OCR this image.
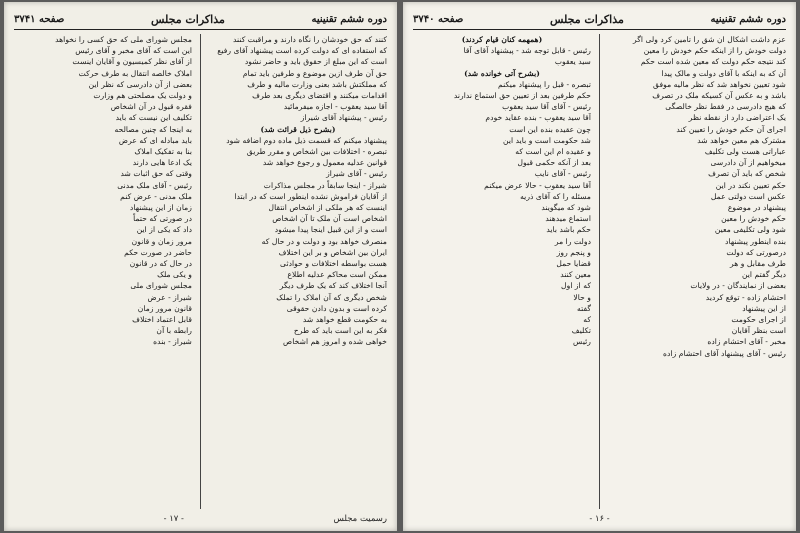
دوره ششم تقنینیه
مذاکرات مجلس
صفحه ۳۷۴۱
کنند که حق خودشان را نگاه دارند و مراقبت کنند
که استفاده ای که دولت کرده است پیشنهاد آقای رفیع
است که این مبلغ از حقوق باید و حاضر نشود
حق آن طرف ازین موضوع و طرفین باید تمام
که مملکتش باشد بعنی وزارت مالیه و طرف
اقدامات میکنند و اقتضای دیگری بعد طرف
آقا سید یعقوب - اجازه میفرمائید
رئیس - پیشنهاد آقای شیراز
(بشرح ذیل قرائت شد)
پیشنهاد میکنم که قسمت ذیل ماده دوم اضافه شود
تبصره - اختلافات بین اشخاص و مقرر طریق
قوانین عدلیه معمول و رجوع خواهد شد
رئیس - آقای شیراز
شیراز - اینجا سابقاً در مجلس مذاکرات
از آقایان فراموش نشده اینطور است که در ابتدا
اینست که هر ملکی از اشخاص انتقال
اشخاص است آن ملک تا آن اشخاص
است و از این قبیل اینجا پیدا میشود
منصرف خواهد بود و دولت و در حال که
ایران بین اشخاص و بر این اختلاف
هست بواسطه اختلافات و حوادثی
ممکن است محاکم عدلیه اطلاع
آنجا اختلاف کند که یک طرف دیگر
شخص دیگری که آن املاک را تملک
کرده است و بدون دادن حقوقی
به حکومت قطع خواهد شد
فکر به این است باید که طرح
خواهی شده و امروز هم اشخاص
مجلس شورای ملی که حق کسی را نخواهد
این است که آقای مخبر و آقای رئیس
از آقای نظر کمیسیون و آقایان اینست
املاک خالصه انتقال به طرف حرکت
بعضی از آن دادرسی که نظر این
و دولت یک مصلحتی هم وزارت
فقره قبول در آن اشخاص
تکلیف این نیست که باید
به اینجا که چنین مصالحه
باید مبادله ای که عرض
بنا به تفکیک املاک
یک ادعا هایی دارند
وقتی که حق اثبات شد
رئیس - آقای ملک مدنی
ملک مدنی - عرض کنم
زمان از این پیشنهاد
در صورتی که حتماً
داد که یکی از این
مرور زمان و قانون
حاضر در صورت حکم
در حال که در قانون
و یکی ملک
مجلس شورای ملی
شیراز - عرض
قانون مرور زمان
قابل اعتماد اختلاف
رابطه با آن
شیراز - بنده
رسمیت مجلس
- ۱۷ -
دوره ششم تقنینیه
مذاکرات مجلس
صفحه ۳۷۴۰
عزم داشت اشکال ان شق را تامین کرد ولی اگر
دولت خودش را از اینکه حکم خودش را معین
کند نتیجه حکم دولت که معین شده است حکم
آن که به اینکه با آقای دولت و مالک پیدا
شود تعیین نخواهد شد که نظر مالیه موفق
باشد و به عکس آن کسیکه ملک در تصرف
که هیچ دادرسی در فقط نظر خالصگی
یک اعتراضی دارد از نقطه نظر
اجرای آن حکم خودش را تعیین کند
مشترک هم معین خواهد شد
عباراتی هست ولی تکلیف
میخواهیم از آن دادرسی
شخص که باید آن تصرف
حکم تعیین نکند در این
عکس است دولتی عمل
پیشنهاد در موضوع
حکم خودش را معین
شود ولی تکلیفی معین
بنده اینطور پیشنهاد
درصورتی که دولت
طرف مقابل و هر
دیگر گفتم این
بعضی از نمایندگان - در ولایات
احتشام زاده - توقع کردید
از این پیشنهاد
از اجرای حکومت
است بنظر آقایان
مخبر - آقای احتشام زاده
رئیس - آقای پیشنهاد آقای احتشام زاده
(همهمه کنان قیام کردند)
رئیس - قابل توجه شد - پیشنهاد آقای آقا
سید یعقوب
(بشرح آتی خوانده شد)
تبصره - قبل را پیشنهاد میکنم
حکم طرفین بعد از تعیین حق استماع ندارند
رئیس - آقای آقا سید یعقوب
آقا سید یعقوب - بنده عقاید خودم
چون عقیده بنده این است
شد حکومت است و باید این
و عقیده ام این است که
بعد از آنکه حکمی قبول
رئیس - آقای نایب
آقا سید یعقوب - حالا عرض میکنم
مسئله را که آقای ذریه
شود که میگویند
استماع میدهند
حکم باشد باید
دولت را مر
و پنجم روز
قضایا حمل
معین کنند
که از اول
و حالا
گفته
که
تکلیف
رئیس
- ۱۶ -
